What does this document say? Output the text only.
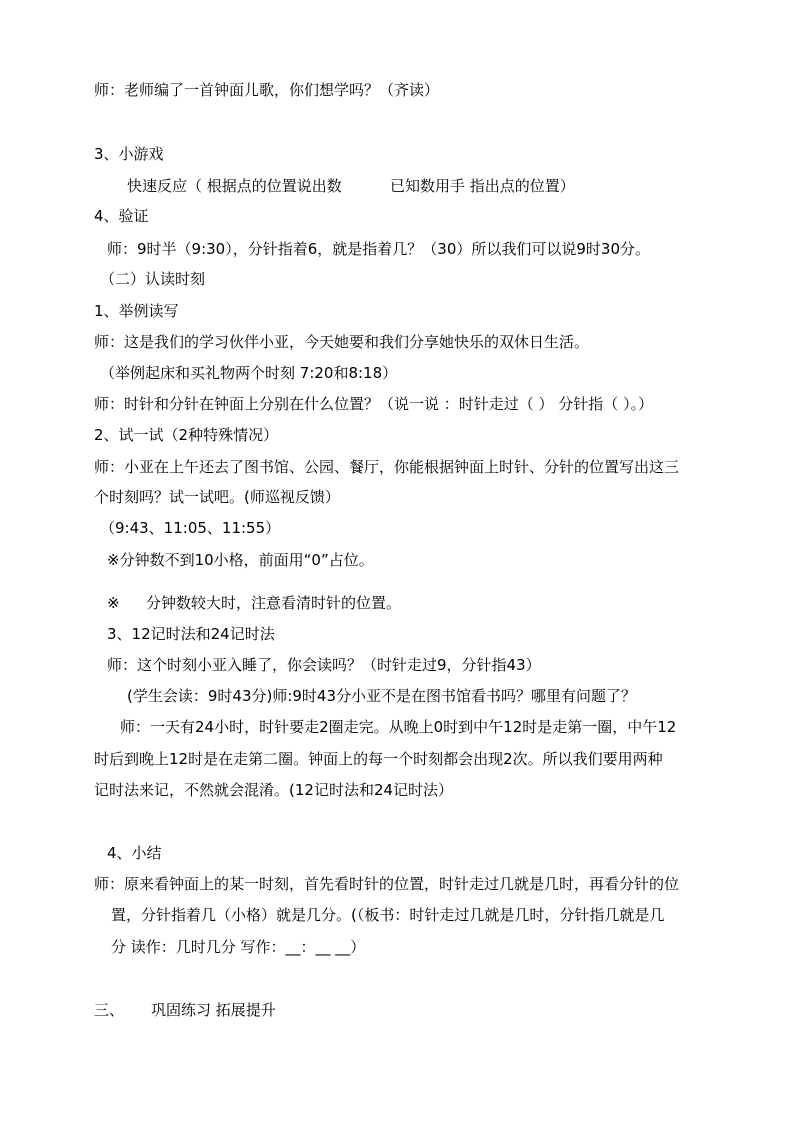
师：老师编了一首钟面儿歌，你们想学吗？（齐读）

3、小游戏

快速反应（ 根据点的位置说出数	已知数用手 指出点的位置）

4、验证

师：9时半（9:30），分针指着6，就是指着几？（30）所以我们可以说9时30分。

（二）认读时刻

1、举例读写

师：这是我们的学习伙伴小亚，今天她要和我们分享她快乐的双休日生活。

（举例起床和买礼物两个时刻 7:20和8:18）

师：时针和分针在钟面上分别在什么位置？（说一说 ：时针走过（ ） 分针指（ ）。）

2、试一试（2种特殊情况）

师：小亚在上午还去了图书馆、公园、餐厅，你能根据钟面上时针、分针的位置写出这三

个时刻吗？试一试吧。(师巡视反馈）

（9:43、11:05、11:55）

※分钟数不到10小格，前面用“0”占位。

※ 分钟数较大时，注意看清时针的位置。

3、12记时法和24记时法

师：这个时刻小亚入睡了，你会读吗？（时针走过9，分针指43）

(学生会读：9时43分)师:9时43分小亚不是在图书馆看书吗？哪里有问题了？

师：一天有24小时，时针要走2圈走完。从晚上0时到中午12时是走第一圈，中午12

时后到晚上12时是在走第二圈。钟面上的每一个时刻都会出现2次。所以我们要用两种

记时法来记，不然就会混淆。(12记时法和24记时法）

4、小结

师：原来看钟面上的某一时刻，首先看时针的位置，时针走过几就是几时，再看分针的位

置，分针指着几（小格）就是几分。(（板书：时针走过几就是几时，分针指几就是几

分 读作：几时几分 写作：__：__ __）

三、 巩固练习 拓展提升
